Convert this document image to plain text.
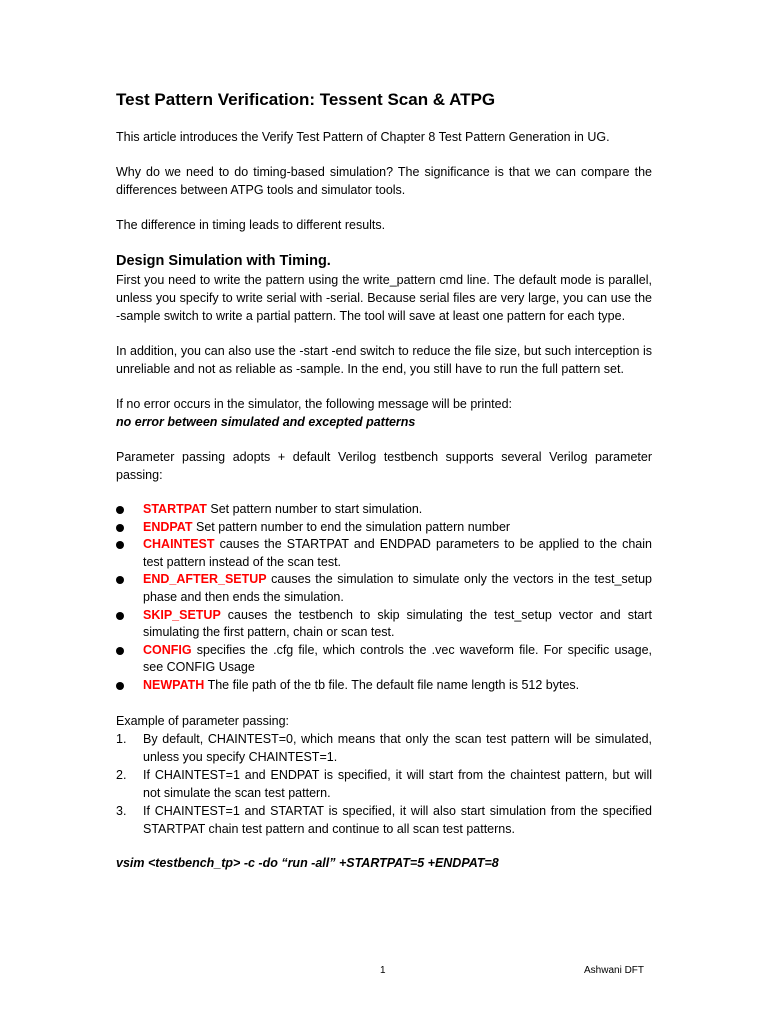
Test Pattern Verification: Tessent Scan & ATPG

This article introduces the Verify Test Pattern of Chapter 8 Test Pattern Generation in UG.

Why do we need to do timing-based simulation? The significance is that we can compare the differences between ATPG tools and simulator tools.

The difference in timing leads to different results.

Design Simulation with Timing.

First you need to write the pattern using the write_pattern cmd line. The default mode is parallel, unless you specify to write serial with -serial. Because serial files are very large, you can use the -sample switch to write a partial pattern. The tool will save at least one pattern for each type.

In addition, you can also use the -start -end switch to reduce the file size, but such interception is unreliable and not as reliable as -sample. In the end, you still have to run the full pattern set.

If no error occurs in the simulator, the following message will be printed:

no error between simulated and excepted patterns

Parameter passing adopts + default Verilog testbench supports several Verilog parameter passing:

STARTPAT Set pattern number to start simulation.
ENDPAT Set pattern number to end the simulation pattern number
CHAINTEST causes the STARTPAT and ENDPAD parameters to be applied to the chain test pattern instead of the scan test.
END_AFTER_SETUP causes the simulation to simulate only the vectors in the test_setup phase and then ends the simulation.
SKIP_SETUP causes the testbench to skip simulating the test_setup vector and start simulating the first pattern, chain or scan test.
CONFIG specifies the .cfg file, which controls the .vec waveform file. For specific usage, see CONFIG Usage
NEWPATH The file path of the tb file. The default file name length is 512 bytes.

Example of parameter passing:

1. By default, CHAINTEST=0, which means that only the scan test pattern will be simulated, unless you specify CHAINTEST=1.
2. If CHAINTEST=1 and ENDPAT is specified, it will start from the chaintest pattern, but will not simulate the scan test pattern.
3. If CHAINTEST=1 and STARTAT is specified, it will also start simulation from the specified STARTPAT chain test pattern and continue to all scan test patterns.

vsim <testbench_tp> -c -do “run -all” +STARTPAT=5 +ENDPAT=8

1	Ashwani DFT
